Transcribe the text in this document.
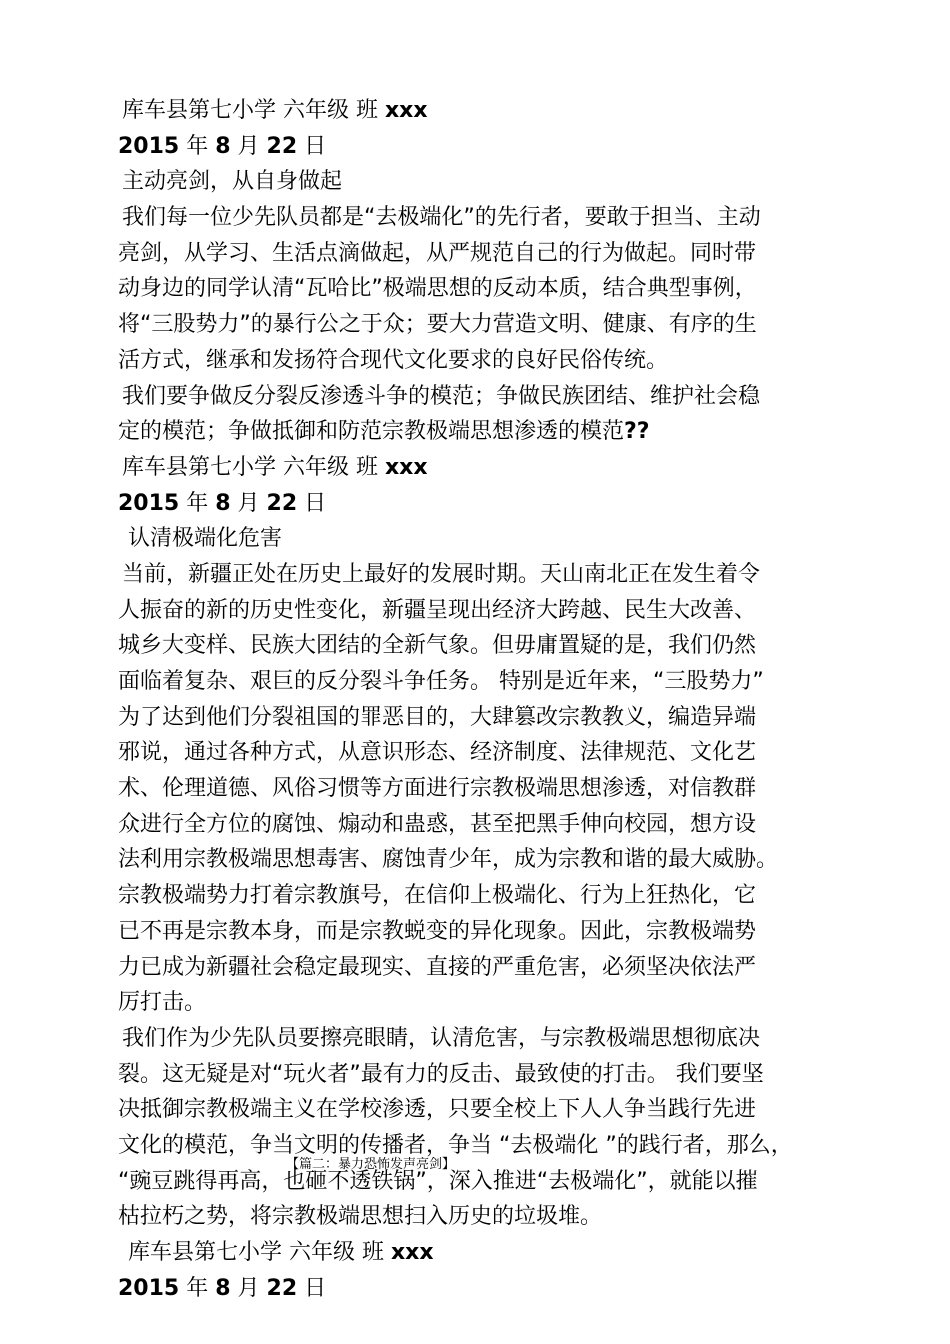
库车县第七小学 六年级 班 xxx
2015 年 8 月 22 日
主动亮剑，从自身做起
我们每一位少先队员都是“去极端化”的先行者，要敢于担当、主动
亮剑，从学习、生活点滴做起，从严规范自己的行为做起。同时带
动身边的同学认清“瓦哈比”极端思想的反动本质，结合典型事例，
将“三股势力”的暴行公之于众；要大力营造文明、健康、有序的生
活方式，继承和发扬符合现代文化要求的良好民俗传统。
我们要争做反分裂反渗透斗争的模范；争做民族团结、维护社会稳
定的模范；争做抵御和防范宗教极端思想渗透的模范??
库车县第七小学 六年级 班 xxx
2015 年 8 月 22 日
认清极端化危害
当前，新疆正处在历史上最好的发展时期。天山南北正在发生着令
人振奋的新的历史性变化，新疆呈现出经济大跨越、民生大改善、
城乡大变样、民族大团结的全新气象。但毋庸置疑的是，我们仍然
面临着复杂、艰巨的反分裂斗争任务。 特别是近年来，“三股势力”
为了达到他们分裂祖国的罪恶目的，大肆篡改宗教教义，编造异端
邪说，通过各种方式，从意识形态、经济制度、法律规范、文化艺
术、伦理道德、风俗习惯等方面进行宗教极端思想渗透，对信教群
众进行全方位的腐蚀、煽动和蛊惑，甚至把黑手伸向校园，想方设
法利用宗教极端思想毒害、腐蚀青少年，成为宗教和谐的最大威胁。
宗教极端势力打着宗教旗号，在信仰上极端化、行为上狂热化，它
已不再是宗教本身，而是宗教蜕变的异化现象。因此，宗教极端势
力已成为新疆社会稳定最现实、直接的严重危害，必须坚决依法严
厉打击。
我们作为少先队员要擦亮眼睛，认清危害，与宗教极端思想彻底决
裂。这无疑是对“玩火者”最有力的反击、最致使的打击。 我们要坚
决抵御宗教极端主义在学校渗透，只要全校上下人人争当践行先进
文化的模范，争当文明的传播者，争当 “去极端化 ”的践行者，那么，
“豌豆跳得再高，也砸不透铁锅”，深入推进“去极端化”，就能以摧
枯拉朽之势，将宗教极端思想扫入历史的垃圾堆。
库车县第七小学 六年级 班 xxx
2015 年 8 月 22 日
【篇二：暴力恐怖发声亮剑】
